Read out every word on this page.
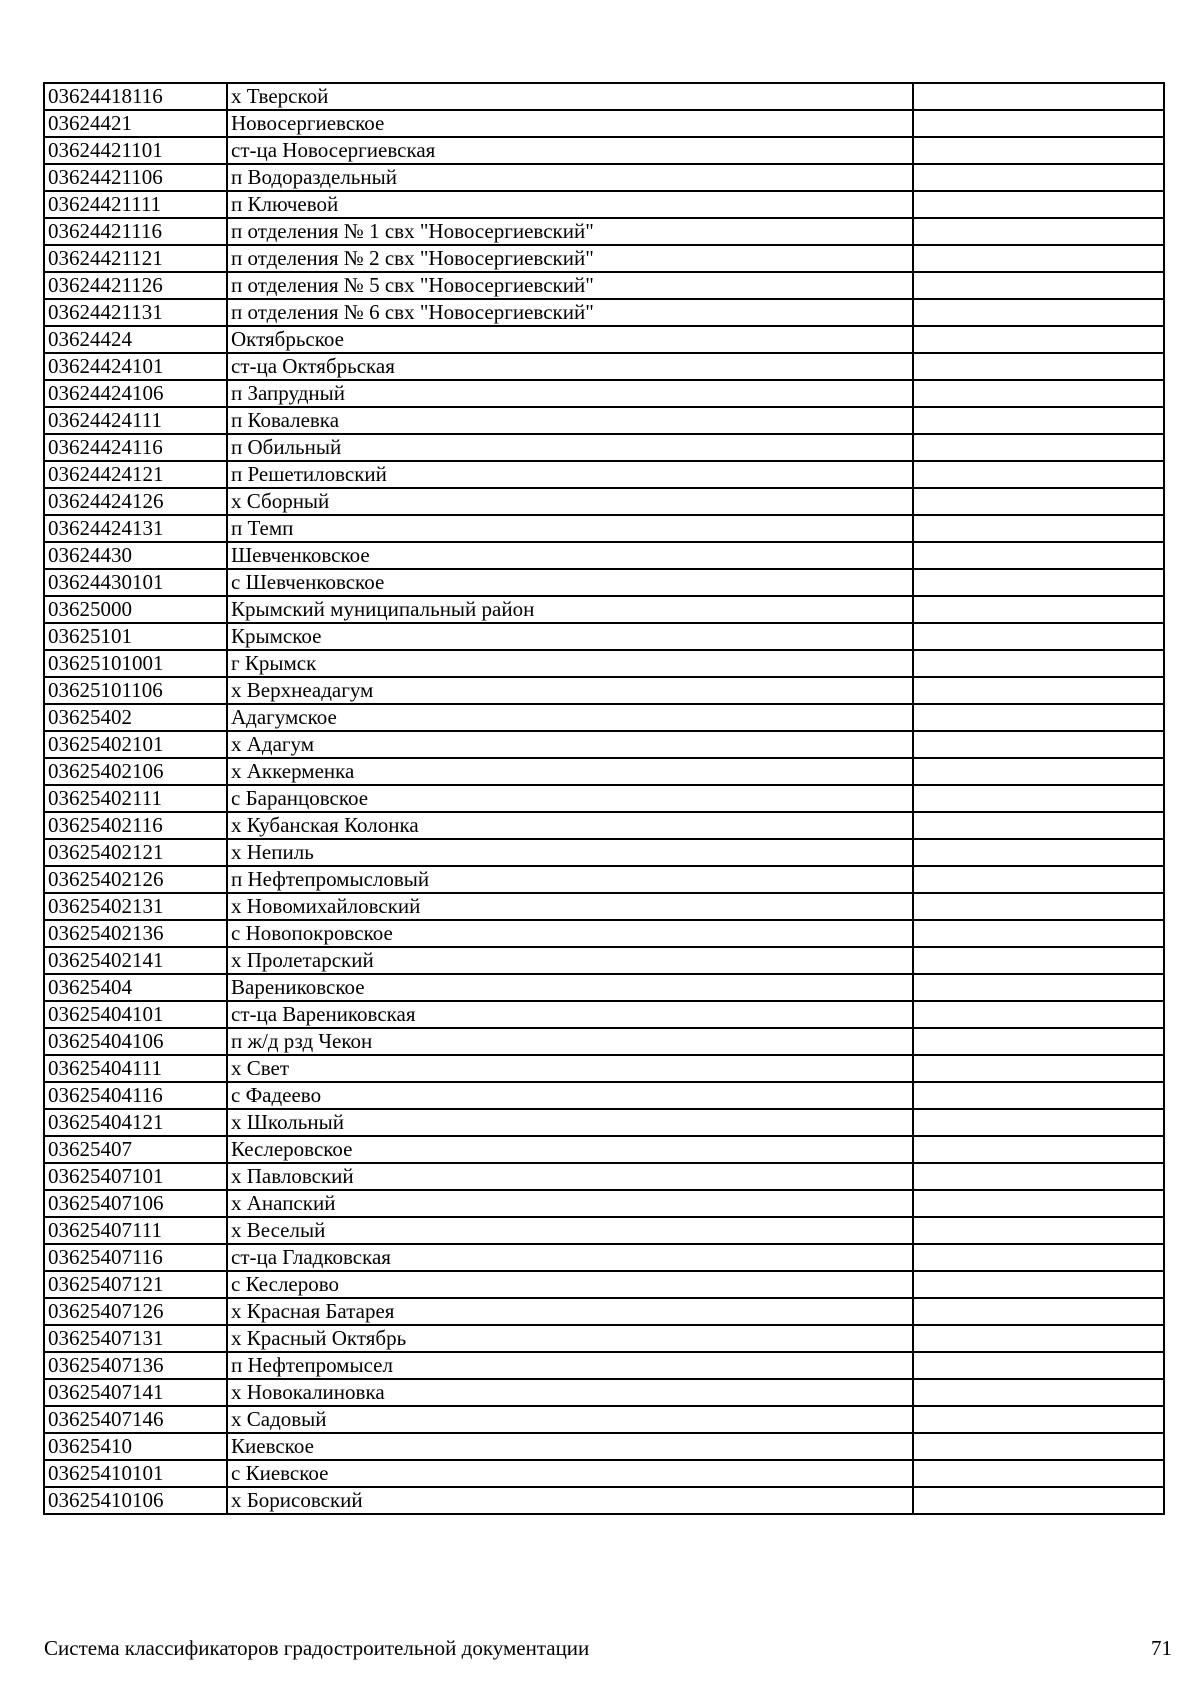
03624418116	х Тверской	
03624421	Новосергиевское	
03624421101	ст-ца Новосергиевская	
03624421106	п Водораздельный	
03624421111	п Ключевой	
03624421116	п отделения № 1 свх "Новосергиевский"	
03624421121	п отделения № 2 свх "Новосергиевский"	
03624421126	п отделения № 5 свх "Новосергиевский"	
03624421131	п отделения № 6 свх "Новосергиевский"	
03624424	Октябрьское	
03624424101	ст-ца Октябрьская	
03624424106	п Запрудный	
03624424111	п Ковалевка	
03624424116	п Обильный	
03624424121	п Решетиловский	
03624424126	х Сборный	
03624424131	п Темп	
03624430	Шевченковское	
03624430101	с Шевченковское	
03625000	Крымский муниципальный район	
03625101	Крымское	
03625101001	г Крымск	
03625101106	х Верхнеадагум	
03625402	Адагумское	
03625402101	х Адагум	
03625402106	х Аккерменка	
03625402111	с Баранцовское	
03625402116	х Кубанская Колонка	
03625402121	х Непиль	
03625402126	п Нефтепромысловый	
03625402131	х Новомихайловский	
03625402136	с Новопокровское	
03625402141	х Пролетарский	
03625404	Варениковское	
03625404101	ст-ца Варениковская	
03625404106	п ж/д рзд Чекон	
03625404111	х Свет	
03625404116	с Фадеево	
03625404121	х Школьный	
03625407	Кеслеровское	
03625407101	х Павловский	
03625407106	х Анапский	
03625407111	х Веселый	
03625407116	ст-ца Гладковская	
03625407121	с Кеслерово	
03625407126	х Красная Батарея	
03625407131	х Красный Октябрь	
03625407136	п Нефтепромысел	
03625407141	х Новокалиновка	
03625407146	х Садовый	
03625410	Киевское	
03625410101	с Киевское	
03625410106	х Борисовский	
Система классификаторов градостроительной документации	71
